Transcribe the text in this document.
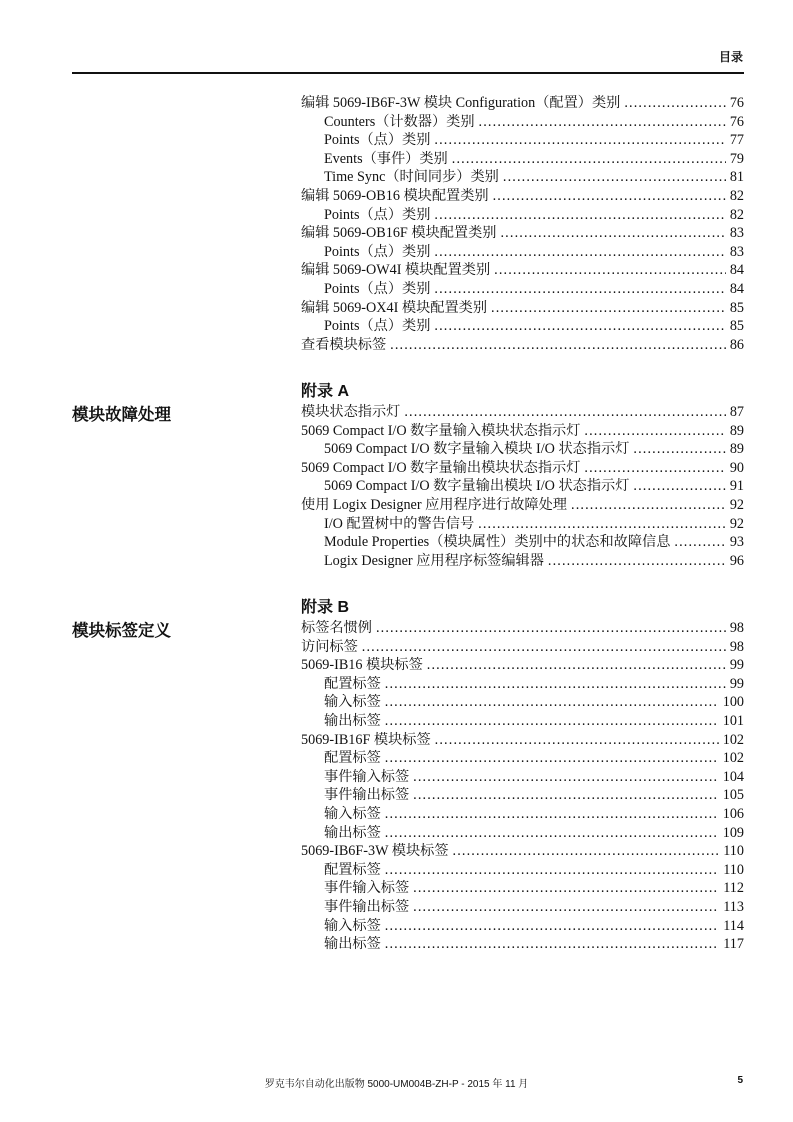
目录
编辑 5069-IB6F-3W 模块 Configuration（配置）类别 . . .	76
Counters（计数器）类别 . . .	76
Points（点）类别 . . .	77
Events（事件）类别 . . .	79
Time Sync（时间同步）类别 . . .	81
编辑 5069-OB16 模块配置类别 . . .	82
Points（点）类别 . . .	82
编辑 5069-OB16F 模块配置类别 . . .	83
Points（点）类别 . . .	83
编辑 5069-OW4I 模块配置类别 . . .	84
Points（点）类别 . . .	84
编辑 5069-OX4I 模块配置类别 . . .	85
Points（点）类别 . . .	85
查看模块标签 . . .	86
模块故障处理
附录 A
模块状态指示灯 . . .	87
5069 Compact I/O 数字量输入模块状态指示灯 . . .	89
5069 Compact I/O 数字量输入模块 I/O 状态指示灯 . . .	89
5069 Compact I/O 数字量输出模块状态指示灯 . . .	90
5069 Compact I/O 数字量输出模块 I/O 状态指示灯 . . .	91
使用 Logix Designer 应用程序进行故障处理 . . .	92
I/O 配置树中的警告信号 . . .	92
Module Properties（模块属性）类别中的状态和故障信息 . . .	93
Logix Designer 应用程序标签编辑器 . . .	96
模块标签定义
附录 B
标签名惯例 . . .	98
访问标签 . . .	98
5069-IB16 模块标签 . . .	99
配置标签 . . .	99
输入标签 . . .	100
输出标签 . . .	101
5069-IB16F 模块标签 . . .	102
配置标签 . . .	102
事件输入标签 . . .	104
事件输出标签 . . .	105
输入标签 . . .	106
输出标签 . . .	109
5069-IB6F-3W 模块标签 . . .	110
配置标签 . . .	110
事件输入标签 . . .	112
事件输出标签 . . .	113
输入标签 . . .	114
输出标签 . . .	117
罗克韦尔自动化出版物 5000-UM004B-ZH-P - 2015 年 11 月	5
